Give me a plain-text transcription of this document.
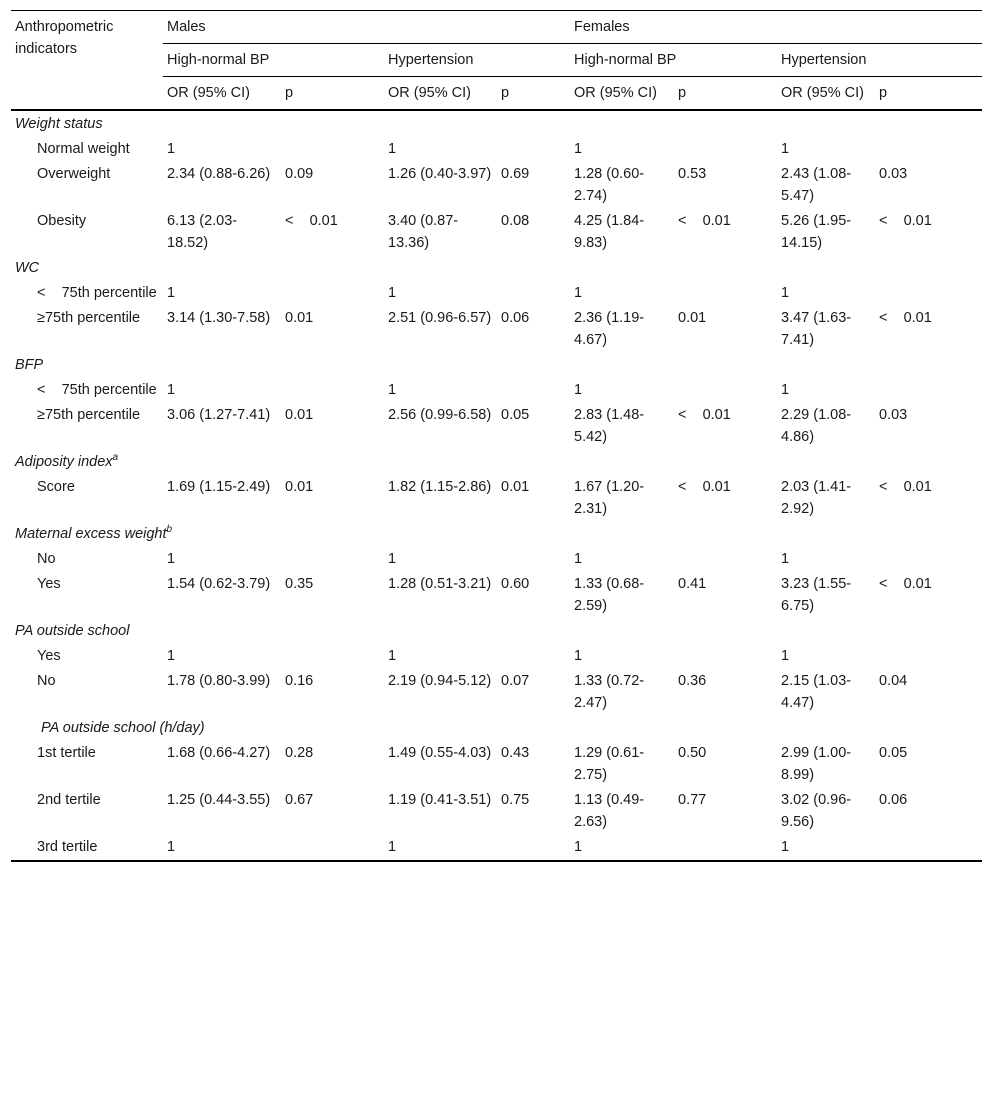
Anthropometric indicators	Males				Females			
	High-normal BP		Hypertension		High-normal BP		Hypertension	
	OR (95% CI)	p	OR (95% CI)	p	OR (95% CI)	p	OR (95% CI)	p
Weight status								
Normal weight	1		1		1		1	
Overweight	2.34 (0.88-6.26)	0.09	1.26 (0.40-3.97)	0.69	1.28 (0.60-2.74)	0.53	2.43 (1.08-5.47)	0.03
Obesity	6.13 (2.03-18.52)	<    0.01	3.40 (0.87-13.36)	0.08	4.25 (1.84-9.83)	<    0.01	5.26 (1.95-14.15)	<    0.01
WC								
<    75th percentile	1		1		1		1	
≥75th percentile	3.14 (1.30-7.58)	0.01	2.51 (0.96-6.57)	0.06	2.36 (1.19-4.67)	0.01	3.47 (1.63-7.41)	<    0.01
BFP								
<    75th percentile	1		1		1		1	
≥75th percentile	3.06 (1.27-7.41)	0.01	2.56 (0.99-6.58)	0.05	2.83 (1.48-5.42)	<    0.01	2.29 (1.08-4.86)	0.03
Adiposity index$^a$
Score	1.69 (1.15-2.49)	0.01	1.82 (1.15-2.86)	0.01	1.67 (1.20-2.31)	<    0.01	2.03 (1.41-2.92)	<    0.01
Maternal excess weight$^b$
No	1		1		1		1	
Yes	1.54 (0.62-3.79)	0.35	1.28 (0.51-3.21)	0.60	1.33 (0.68-2.59)	0.41	3.23 (1.55-6.75)	<    0.01
PA outside school								
Yes	1		1		1		1	
No	1.78 (0.80-3.99)	0.16	2.19 (0.94-5.12)	0.07	1.33 (0.72-2.47)	0.36	2.15 (1.03-4.47)	0.04
PA outside school (h/day)								
1st tertile	1.68 (0.66-4.27)	0.28	1.49 (0.55-4.03)	0.43	1.29 (0.61-2.75)	0.50	2.99 (1.00-8.99)	0.05
2nd tertile	1.25 (0.44-3.55)	0.67	1.19 (0.41-3.51)	0.75	1.13 (0.49-2.63)	0.77	3.02 (0.96-9.56)	0.06
3rd tertile	1		1		1		1	
